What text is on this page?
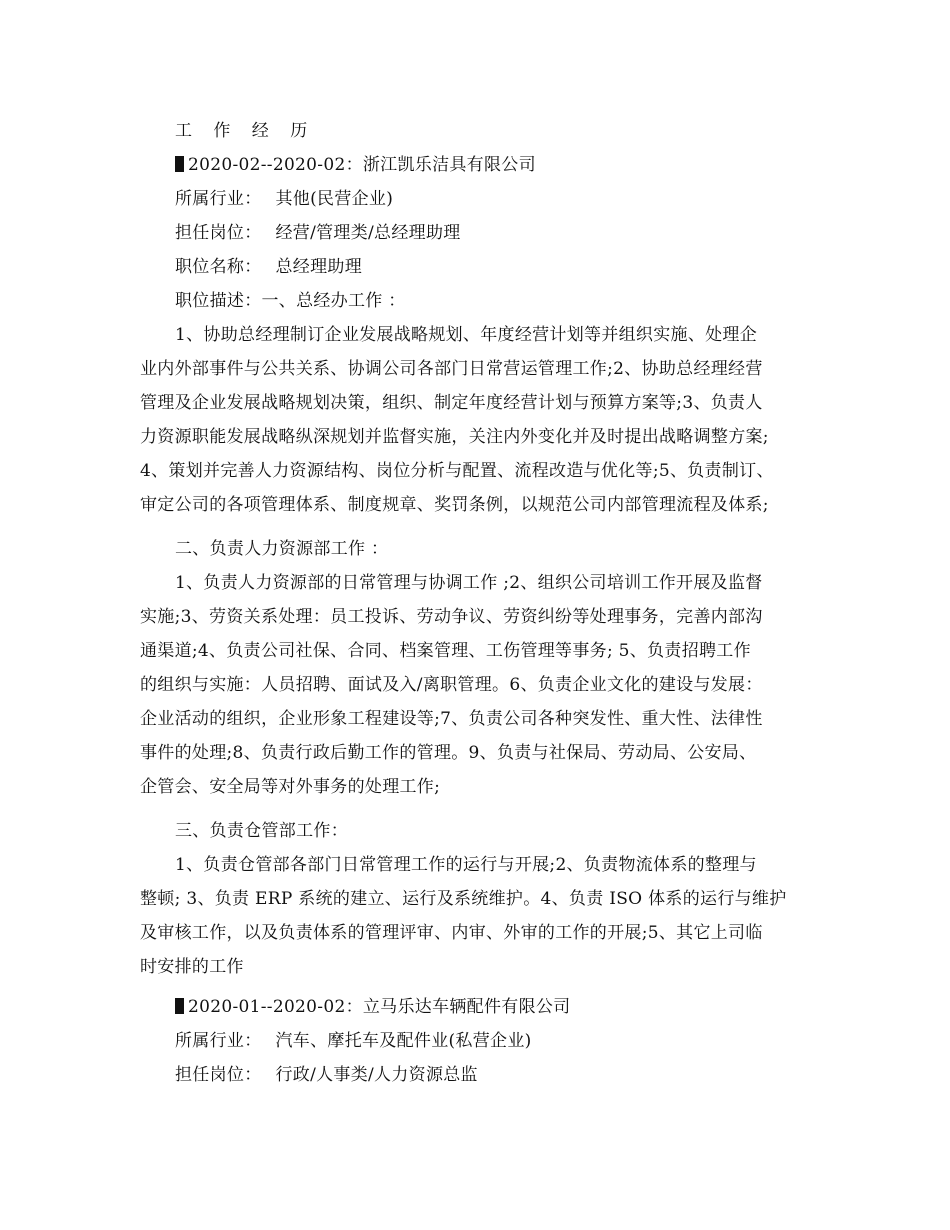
工 作 经 历
2020-02--2020-02：浙江凯乐洁具有限公司
所属行业： 其他(民营企业)
担任岗位： 经营/管理类/总经理助理
职位名称： 总经理助理
职位描述：一、总经办工作 ：
1、协助总经理制订企业发展战略规划、年度经营计划等并组织实施、处理企
业内外部事件与公共关系、协调公司各部门日常营运管理工作;2、协助总经理经营
管理及企业发展战略规划决策，组织、制定年度经营计划与预算方案等;3、负责人
力资源职能发展战略纵深规划并监督实施，关注内外变化并及时提出战略调整方案;
4、策划并完善人力资源结构、岗位分析与配置、流程改造与优化等;5、负责制订、
审定公司的各项管理体系、制度规章、奖罚条例，以规范公司内部管理流程及体系;
二、负责人力资源部工作 ：
1、负责人力资源部的日常管理与协调工作 ;2、组织公司培训工作开展及监督
实施;3、劳资关系处理：员工投诉、劳动争议、劳资纠纷等处理事务，完善内部沟
通渠道;4、负责公司社保、合同、档案管理、工伤管理等事务; 5、负责招聘工作
的组织与实施：人员招聘、面试及入/离职管理。6、负责企业文化的建设与发展：
企业活动的组织，企业形象工程建设等;7、负责公司各种突发性、重大性、法律性
事件的处理;8、负责行政后勤工作的管理。9、负责与社保局、劳动局、公安局、
企管会、安全局等对外事务的处理工作;
三、负责仓管部工作：
1、负责仓管部各部门日常管理工作的运行与开展;2、负责物流体系的整理与
整顿; 3、负责 ERP 系统的建立、运行及系统维护。4、负责 ISO 体系的运行与维护
及审核工作，以及负责体系的管理评审、内审、外审的工作的开展;5、其它上司临
时安排的工作
2020-01--2020-02：立马乐达车辆配件有限公司
所属行业： 汽车、摩托车及配件业(私营企业)
担任岗位： 行政/人事类/人力资源总监
